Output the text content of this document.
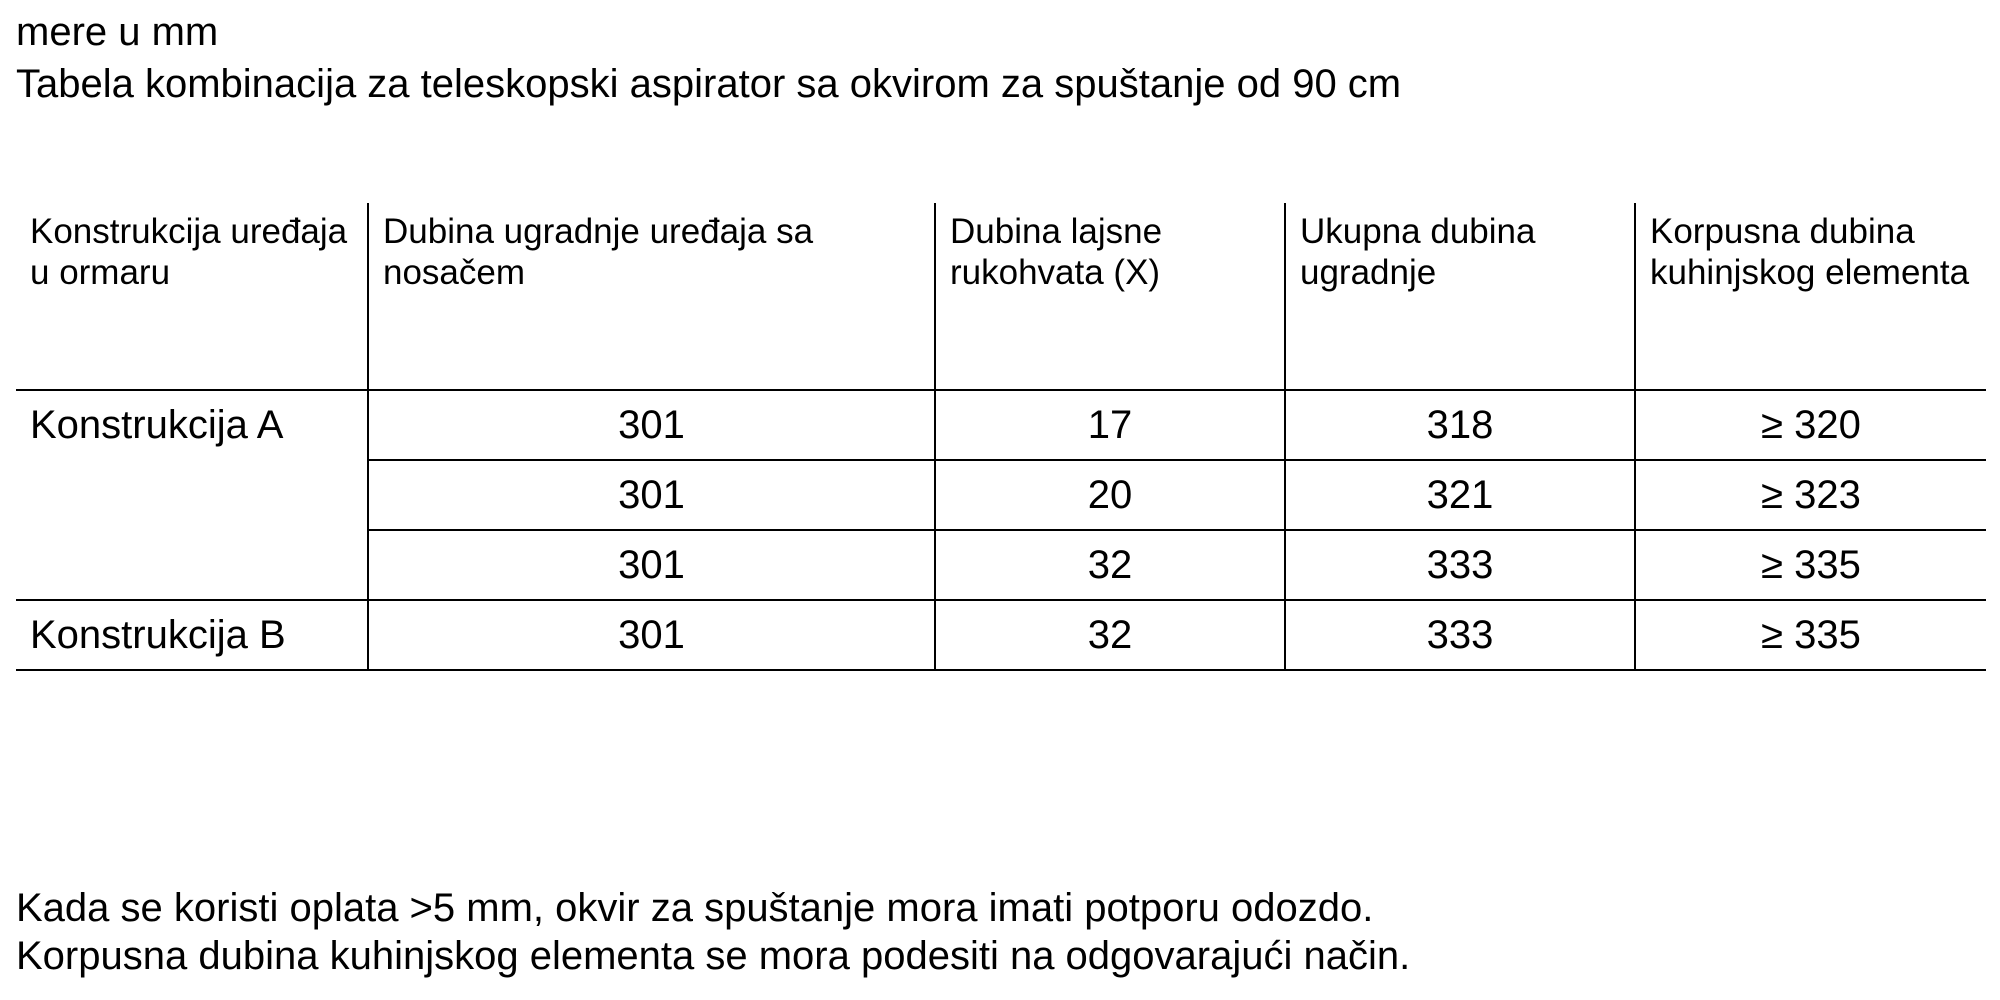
mere u mm
Tabela kombinacija za teleskopski aspirator sa okvirom za spuštanje od 90 cm
Konstrukcija uređaja u ormaru	Dubina ugradnje uređaja sa nosačem	Dubina lajsne rukohvata (X)	Ukupna dubina ugradnje	Korpusna dubina kuhinjskog elementa
Konstrukcija A	301	17	318	≥ 320
	301	20	321	≥ 323
	301	32	333	≥ 335
Konstrukcija B	301	32	333	≥ 335
Kada se koristi oplata >5 mm, okvir za spuštanje mora imati potporu odozdo.
Korpusna dubina kuhinjskog elementa se mora podesiti na odgovarajući način.
